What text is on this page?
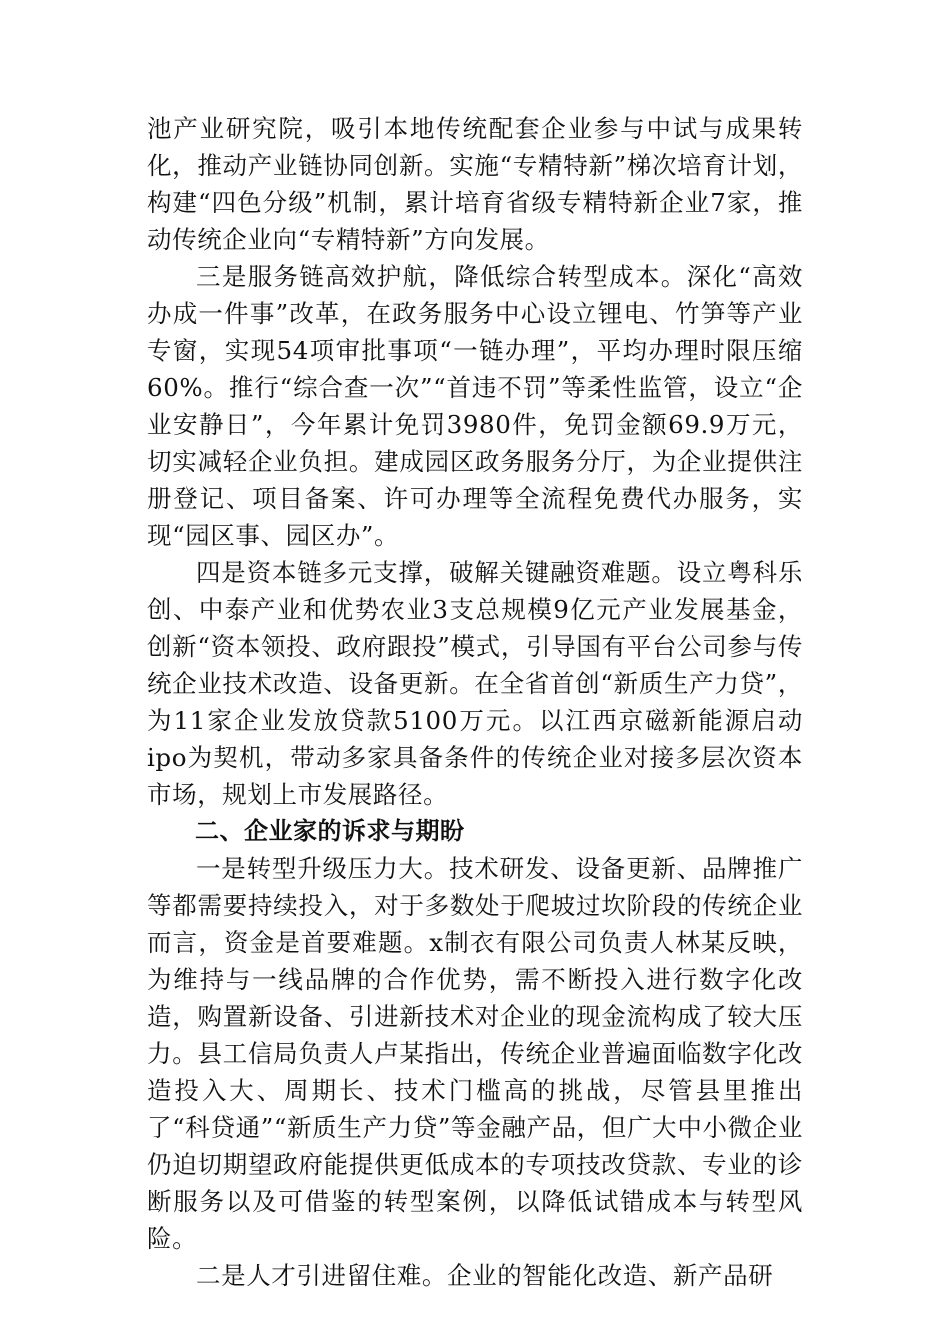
池产业研究院，吸引本地传统配套企业参与中试与成果转化，推动产业链协同创新。实施“专精特新”梯次培育计划，构建“四色分级”机制，累计培育省级专精特新企业7家，推动传统企业向“专精特新”方向发展。

三是服务链高效护航，降低综合转型成本。深化“高效办成一件事”改革，在政务服务中心设立锂电、竹笋等产业专窗，实现54项审批事项“一链办理”，平均办理时限压缩60%。推行“综合查一次”“首违不罚”等柔性监管，设立“企业安静日”，今年累计免罚3980件，免罚金额69.9万元，切实减轻企业负担。建成园区政务服务分厅，为企业提供注册登记、项目备案、许可办理等全流程免费代办服务，实现“园区事、园区办”。

四是资本链多元支撑，破解关键融资难题。设立粤科乐创、中泰产业和优势农业3支总规模9亿元产业发展基金，创新“资本领投、政府跟投”模式，引导国有平台公司参与传统企业技术改造、设备更新。在全省首创“新质生产力贷”，为11家企业发放贷款5100万元。以江西京磁新能源启动ipo为契机，带动多家具备条件的传统企业对接多层次资本市场，规划上市发展路径。

二、企业家的诉求与期盼

一是转型升级压力大。技术研发、设备更新、品牌推广等都需要持续投入，对于多数处于爬坡过坎阶段的传统企业而言，资金是首要难题。x制衣有限公司负责人林某反映，为维持与一线品牌的合作优势，需不断投入进行数字化改造，购置新设备、引进新技术对企业的现金流构成了较大压力。县工信局负责人卢某指出，传统企业普遍面临数字化改造投入大、周期长、技术门槛高的挑战，尽管县里推出了“科贷通”“新质生产力贷”等金融产品，但广大中小微企业仍迫切期望政府能提供更低成本的专项技改贷款、专业的诊断服务以及可借鉴的转型案例，以降低试错成本与转型风险。

二是人才引进留住难。企业的智能化改造、新产品研
